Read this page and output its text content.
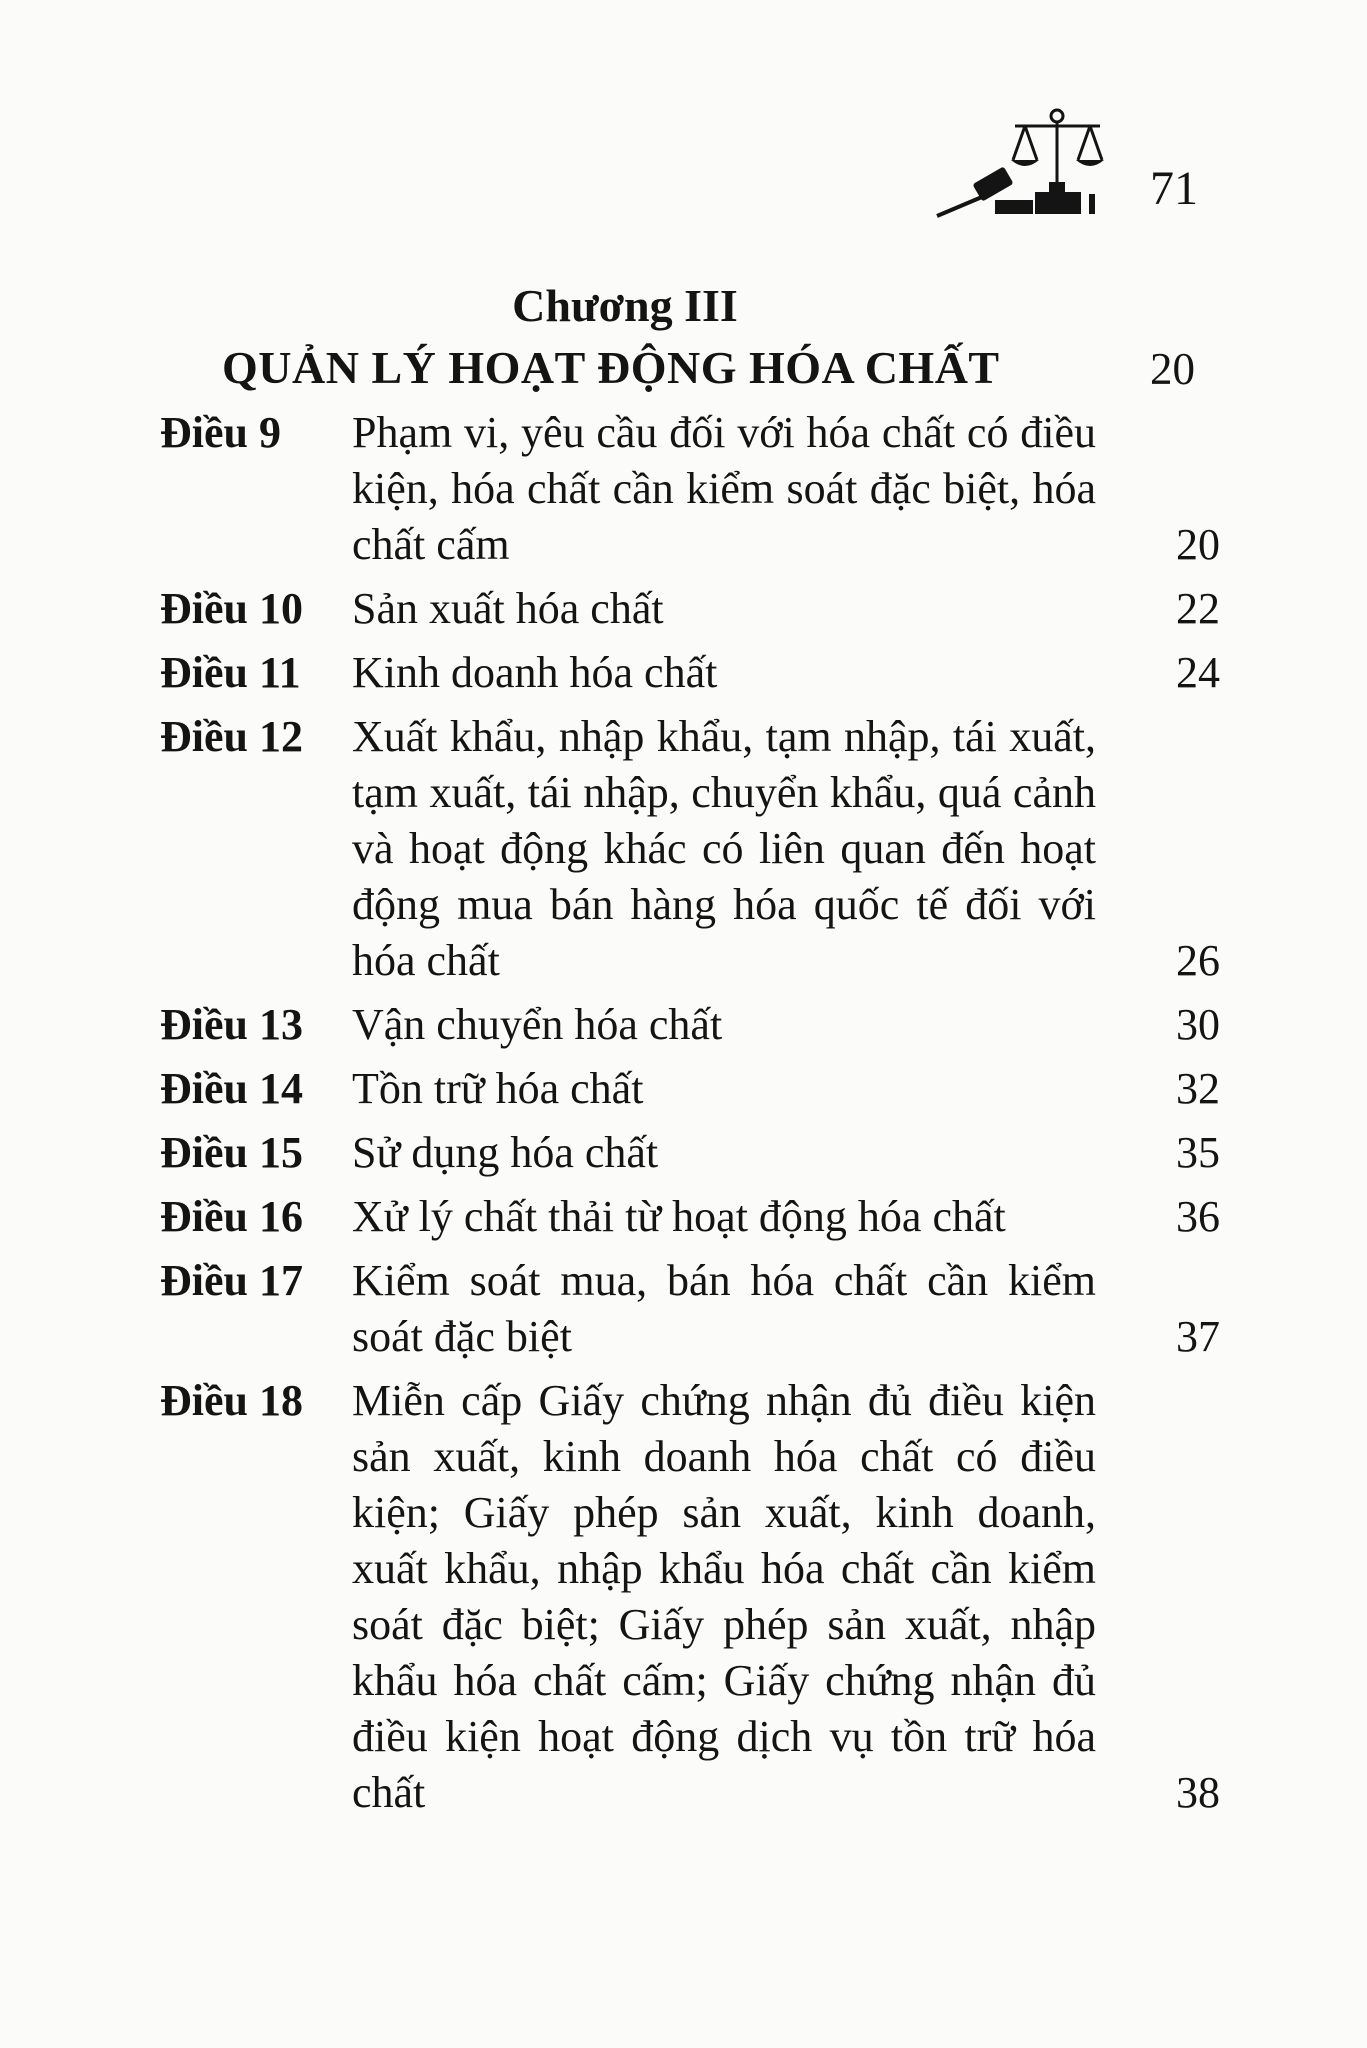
71
Chương III
QUẢN LÝ HOẠT ĐỘNG HÓA CHẤT	20
Điều 9	Phạm vi, yêu cầu đối với hóa chất có điều kiện, hóa chất cần kiểm soát đặc biệt, hóa chất cấm	20
Điều 10	Sản xuất hóa chất	22
Điều 11	Kinh doanh hóa chất	24
Điều 12	Xuất khẩu, nhập khẩu, tạm nhập, tái xuất, tạm xuất, tái nhập, chuyển khẩu, quá cảnh và hoạt động khác có liên quan đến hoạt động mua bán hàng hóa quốc tế đối với hóa chất	26
Điều 13	Vận chuyển hóa chất	30
Điều 14	Tồn trữ hóa chất	32
Điều 15	Sử dụng hóa chất	35
Điều 16	Xử lý chất thải từ hoạt động hóa chất	36
Điều 17	Kiểm soát mua, bán hóa chất cần kiểm soát đặc biệt	37
Điều 18	Miễn cấp Giấy chứng nhận đủ điều kiện sản xuất, kinh doanh hóa chất có điều kiện; Giấy phép sản xuất, kinh doanh, xuất khẩu, nhập khẩu hóa chất cần kiểm soát đặc biệt; Giấy phép sản xuất, nhập khẩu hóa chất cấm; Giấy chứng nhận đủ điều kiện hoạt động dịch vụ tồn trữ hóa chất	38
